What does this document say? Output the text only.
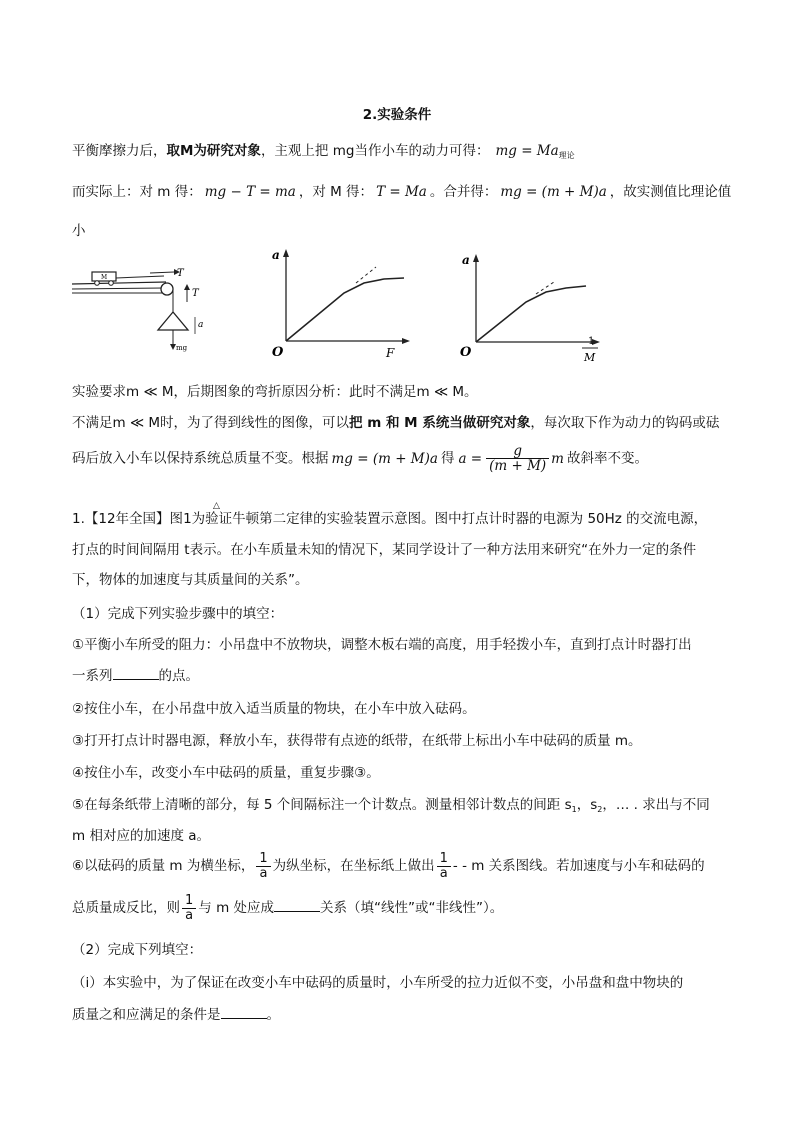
2.实验条件
平衡摩擦力后，取M为研究对象，主观上把 mg当作小车的动力可得： mg = $Ma_{理论}$
而实际上：对 m 得： mg − T = ma ，对 M 得： T = Ma 。合并得： mg = (m + M)a ，故实测值比理论值
小
M	T
T
mg
a
a
O	F
a
O
1
M
实验要求m ≪ M，后期图象的弯折原因分析：此时不满足m ≪ M。
不满足m ≪ M时，为了得到线性的图像，可以把 m 和 M 系统当做研究对象，每次取下作为动力的钩码或砝
码后放入小车以保持系统总质量不变。根据 mg = (m + M)a 得 $a = \frac{g}{(m + M)}$ m 故斜率不变。
1.【12年全国】图1为验证牛顿第二定律的实验装置示意图。图中打点计时器的电源为 50Hz 的交流电源，
△
打点的时间间隔用 t表示。在小车质量未知的情况下，某同学设计了一种方法用来研究“在外力一定的条件
下，物体的加速度与其质量间的关系”。
（1）完成下列实验步骤中的填空：
①平衡小车所受的阻力：小吊盘中不放物块，调整木板右端的高度，用手轻拨小车，直到打点计时器打出
一系列	的点。
②按住小车，在小吊盘中放入适当质量的物块，在小车中放入砝码。
③打开打点计时器电源，释放小车，获得带有点迹的纸带，在纸带上标出小车中砝码的质量 m。
④按住小车，改变小车中砝码的质量，重复步骤③。
⑤在每条纸带上清晰的部分，每 5 个间隔标注一个计数点。测量相邻计数点的间距 $s_1$，$s_2$，… . 求出与不同
m 相对应的加速度 a。
⑥以砝码的质量 m 为横坐标， $\frac{1}{a}$ 为纵坐标，在坐标纸上做出 $\frac{1}{a}$ - - m 关系图线。若加速度与小车和砝码的
总质量成反比，则 $\frac{1}{a}$ 与 m 处应成	关系（填“线性”或“非线性”）。
（2）完成下列填空：
（ⅰ）本实验中，为了保证在改变小车中砝码的质量时，小车所受的拉力近似不变，小吊盘和盘中物块的
质量之和应满足的条件是	。
